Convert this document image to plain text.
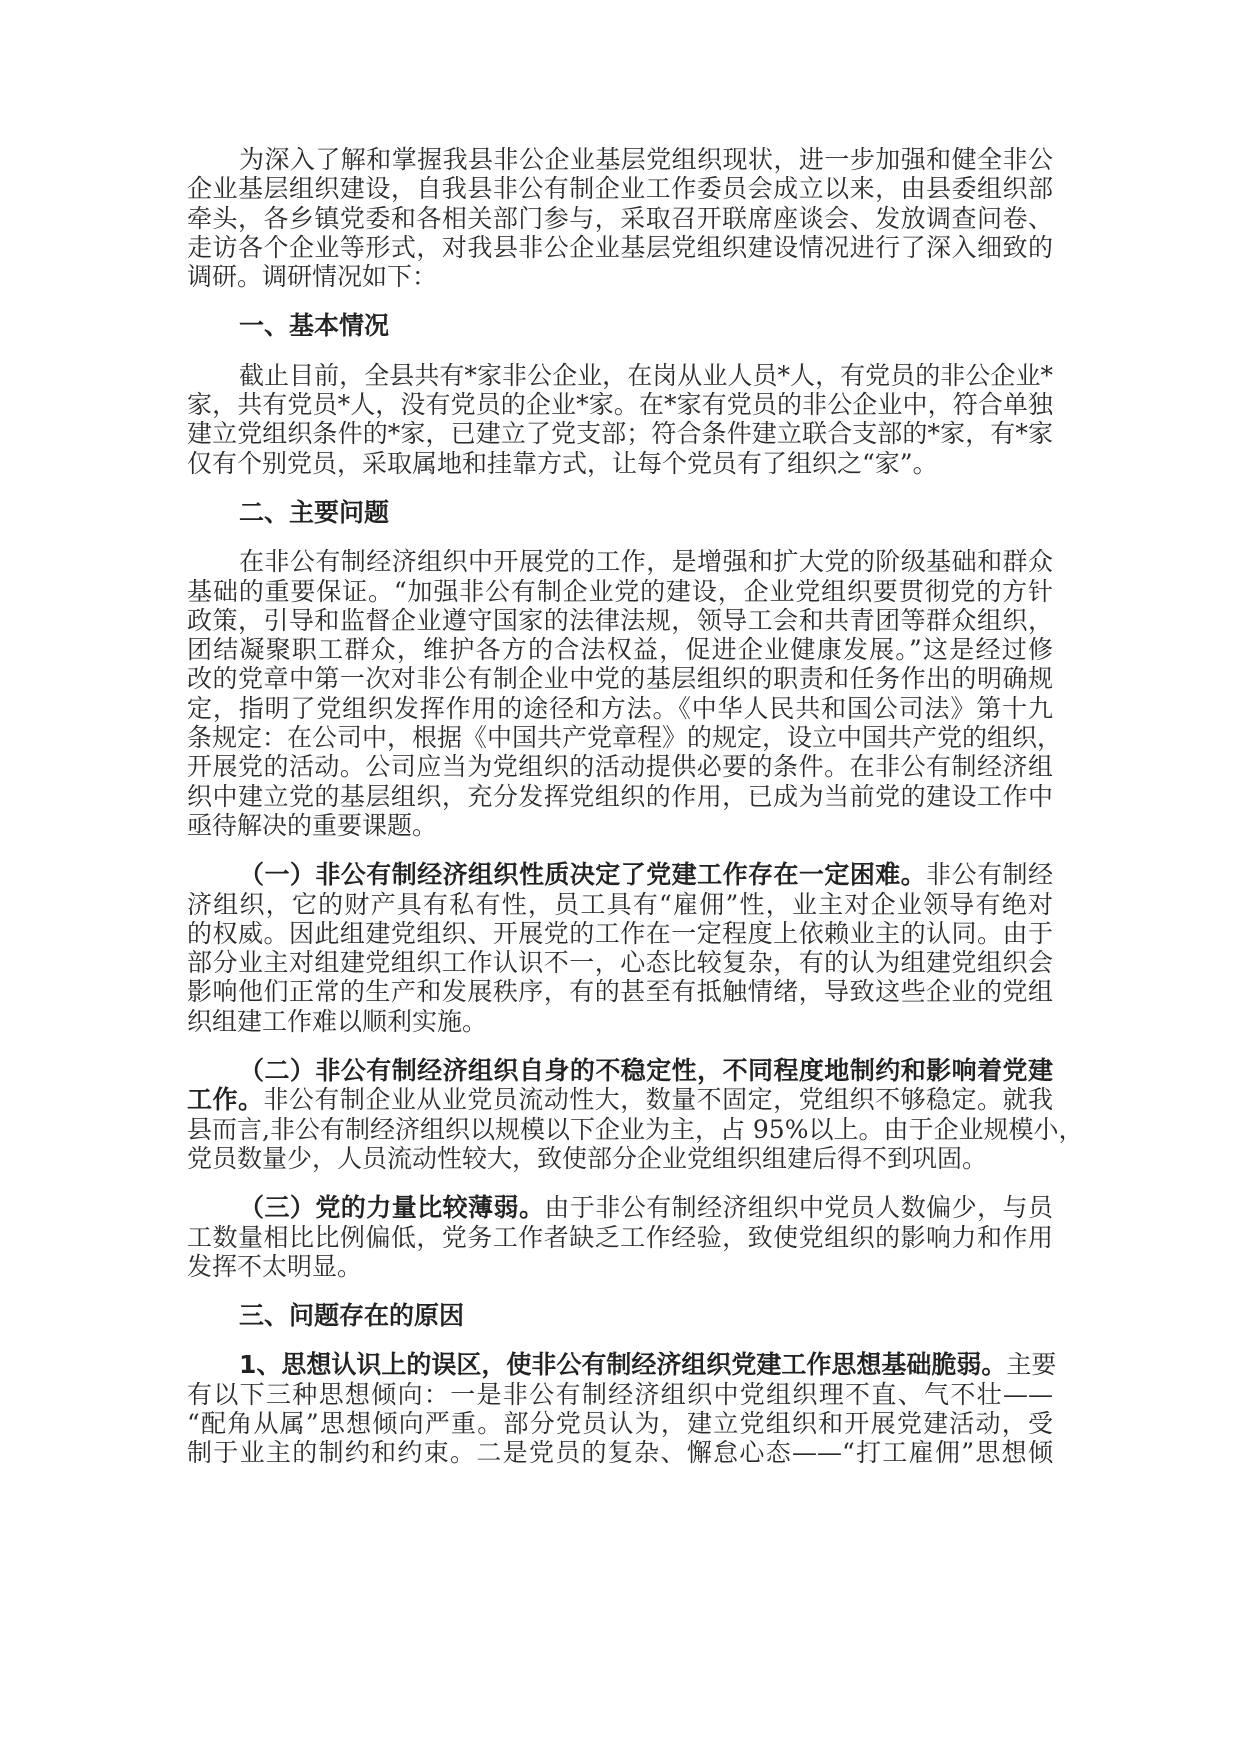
为深入了解和掌握我县非公企业基层党组织现状，进一步加强和健全非公
企业基层组织建设，自我县非公有制企业工作委员会成立以来，由县委组织部
牵头，各乡镇党委和各相关部门参与，采取召开联席座谈会、发放调查问卷、
走访各个企业等形式，对我县非公企业基层党组织建设情况进行了深入细致的
调研。调研情况如下：
一、基本情况
截止目前，全县共有*家非公企业，在岗从业人员*人，有党员的非公企业*
家，共有党员*人，没有党员的企业*家。在*家有党员的非公企业中，符合单独
建立党组织条件的*家，已建立了党支部；符合条件建立联合支部的*家，有*家
仅有个别党员，采取属地和挂靠方式，让每个党员有了组织之“家”。
二、主要问题
在非公有制经济组织中开展党的工作，是增强和扩大党的阶级基础和群众
基础的重要保证。“加强非公有制企业党的建设，企业党组织要贯彻党的方针
政策，引导和监督企业遵守国家的法律法规，领导工会和共青团等群众组织，
团结凝聚职工群众，维护各方的合法权益，促进企业健康发展。”这是经过修
改的党章中第一次对非公有制企业中党的基层组织的职责和任务作出的明确规
定，指明了党组织发挥作用的途径和方法。《中华人民共和国公司法》第十九
条规定：在公司中，根据《中国共产党章程》的规定，设立中国共产党的组织，
开展党的活动。公司应当为党组织的活动提供必要的条件。在非公有制经济组
织中建立党的基层组织，充分发挥党组织的作用，已成为当前党的建设工作中
亟待解决的重要课题。
（一）非公有制经济组织性质决定了党建工作存在一定困难。非公有制经
济组织，它的财产具有私有性，员工具有“雇佣”性，业主对企业领导有绝对
的权威。因此组建党组织、开展党的工作在一定程度上依赖业主的认同。由于
部分业主对组建党组织工作认识不一，心态比较复杂，有的认为组建党组织会
影响他们正常的生产和发展秩序，有的甚至有抵触情绪，导致这些企业的党组
织组建工作难以顺利实施。
（二）非公有制经济组织自身的不稳定性，不同程度地制约和影响着党建
工作。非公有制企业从业党员流动性大，数量不固定，党组织不够稳定。就我
县而言,非公有制经济组织以规模以下企业为主，占 95%以上。由于企业规模小，
党员数量少，人员流动性较大，致使部分企业党组织组建后得不到巩固。
（三）党的力量比较薄弱。由于非公有制经济组织中党员人数偏少，与员
工数量相比比例偏低，党务工作者缺乏工作经验，致使党组织的影响力和作用
发挥不太明显。
三、问题存在的原因
1、思想认识上的误区，使非公有制经济组织党建工作思想基础脆弱。主要
有以下三种思想倾向：一是非公有制经济组织中党组织理不直、气不壮——
“配角从属”思想倾向严重。部分党员认为，建立党组织和开展党建活动，受
制于业主的制约和约束。二是党员的复杂、懈怠心态——“打工雇佣”思想倾
